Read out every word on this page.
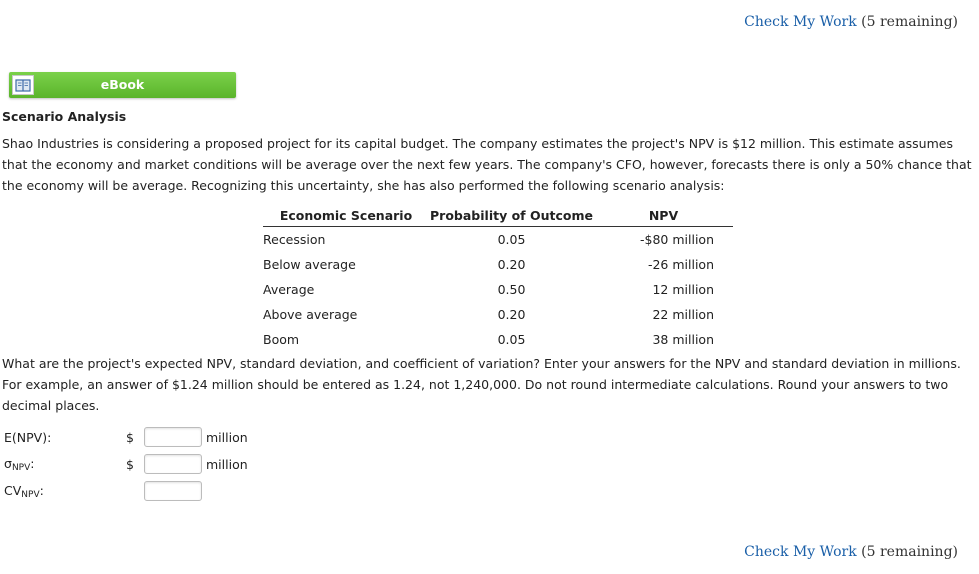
Check My Work (5 remaining)
eBook
Scenario Analysis
Shao Industries is considering a proposed project for its capital budget. The company estimates the project's NPV is $12 million. This estimate assumes that the economy and market conditions will be average over the next few years. The company's CFO, however, forecasts there is only a 50% chance that the economy will be average. Recognizing this uncertainty, she has also performed the following scenario analysis:
Economic Scenario	Probability of Outcome	NPV
Recession	0.05	-$80 million
Below average	0.20	-26 million
Average	0.50	12 million
Above average	0.20	22 million
Boom	0.05	38 million
What are the project's expected NPV, standard deviation, and coefficient of variation? Enter your answers for the NPV and standard deviation in millions. For example, an answer of $1.24 million should be entered as 1.24, not 1,240,000. Do not round intermediate calculations. Round your answers to two decimal places.
E(NPV):	$	million
$\sigma_{NPV}$:	$	million
$CV_{NPV}$:
Check My Work (5 remaining)
